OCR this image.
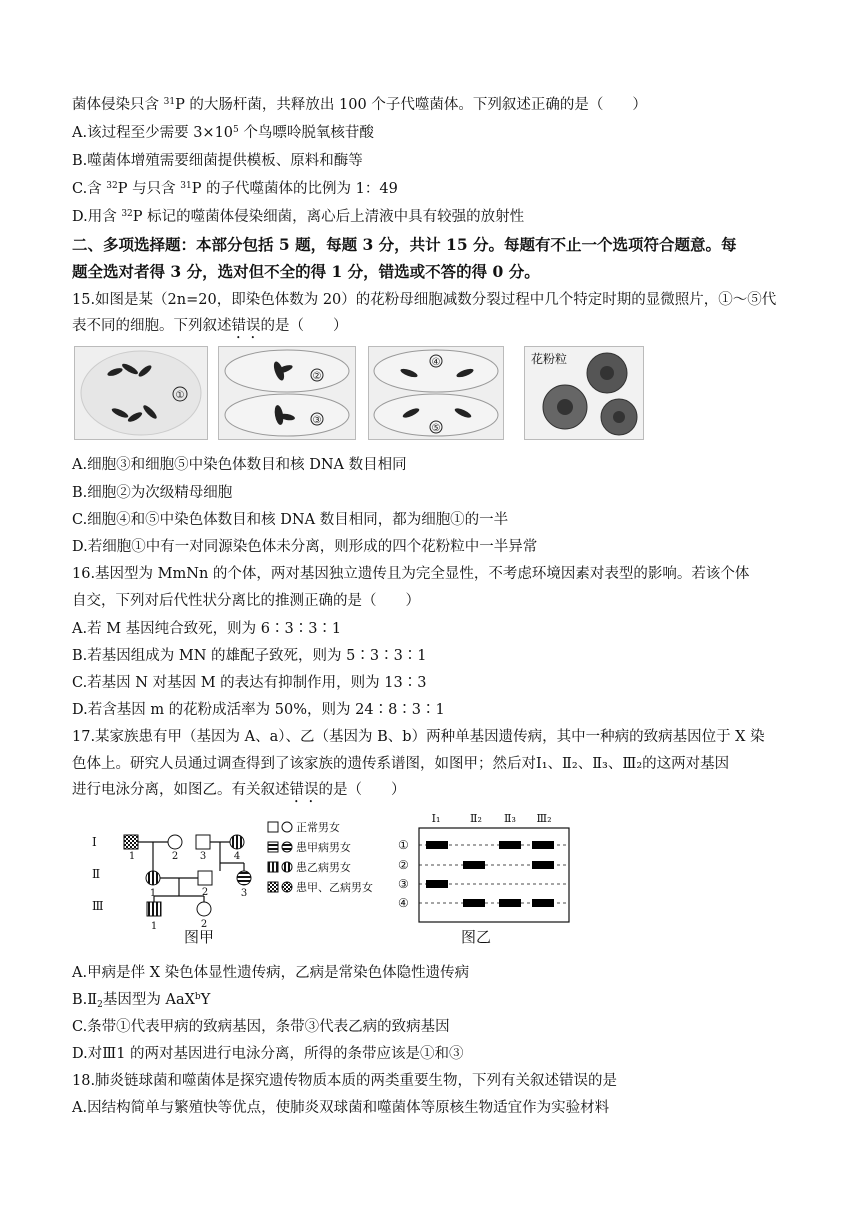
菌体侵染只含 $^{31}$P 的大肠杆菌，共释放出 100 个子代噬菌体。下列叙述正确的是（　　）
A.该过程至少需要 $3\times 10^5$ 个鸟嘌呤脱氧核苷酸
B.噬菌体增殖需要细菌提供模板、原料和酶等
C.含 $^{32}$P 与只含 $^{31}$P 的子代噬菌体的比例为 1：49
D.用含 $^{32}$P 标记的噬菌体侵染细菌，离心后上清液中具有较强的放射性
二、多项选择题：本部分包括 5 题，每题 3 分，共计 15 分。每题有不止一个选项符合题意。每
题全选对者得 3 分，选对但不全的得 1 分，错选或不答的得 0 分。
15.如图是某（2n=20，即染色体数为 20）的花粉母细胞减数分裂过程中几个特定时期的显微照片，①～⑤代
表不同的细胞。下列叙述错误的是（　　）
①
②
③
④
⑤
花粉粒
A.细胞③和细胞⑤中染色体数目和核 DNA 数目相同
B.细胞②为次级精母细胞
C.细胞④和⑤中染色体数目和核 DNA 数目相同，都为细胞①的一半
D.若细胞①中有一对同源染色体未分离，则形成的四个花粉粒中一半异常
16.基因型为 MmNn 的个体，两对基因独立遗传且为完全显性，不考虑环境因素对表型的影响。若该个体
自交，下列对后代性状分离比的推测正确的是（　　）
A.若 M 基因纯合致死，则为 6∶3∶3∶1
B.若基因组成为 MN 的雄配子致死，则为 5∶3∶3∶1
C.若基因 N 对基因 M 的表达有抑制作用，则为 13∶3
D.若含基因 m 的花粉成活率为 50%，则为 24∶8∶3∶1
17.某家族患有甲（基因为 A、a）、乙（基因为 B、b）两种单基因遗传病，其中一种病的致病基因位于 X 染
色体上。研究人员通过调查得到了该家族的遗传系谱图，如图甲；然后对Ⅰ₁、Ⅱ₂、Ⅱ₃、Ⅲ₂的这两对基因
进行电泳分离，如图乙。有关叙述错误的是（　　）
Ⅰ
Ⅱ
Ⅲ
1	2 3	4
1	2	3
1	2
正常男女
患甲病男女
患乙病男女
患甲、乙病男女
图甲
Ⅰ₁	Ⅱ₂ Ⅱ₃ Ⅲ₂
①
②
③
④
图乙
A.甲病是伴 X 染色体显性遗传病，乙病是常染色体隐性遗传病
$B.Ⅱ_2$基因型为 AaX$^b$Y
C.条带①代表甲病的致病基因，条带③代表乙病的致病基因
D.对Ⅲ1 的两对基因进行电泳分离，所得的条带应该是①和③
18.肺炎链球菌和噬菌体是探究遗传物质本质的两类重要生物，下列有关叙述错误的是
A.因结构简单与繁殖快等优点，使肺炎双球菌和噬菌体等原核生物适宜作为实验材料
